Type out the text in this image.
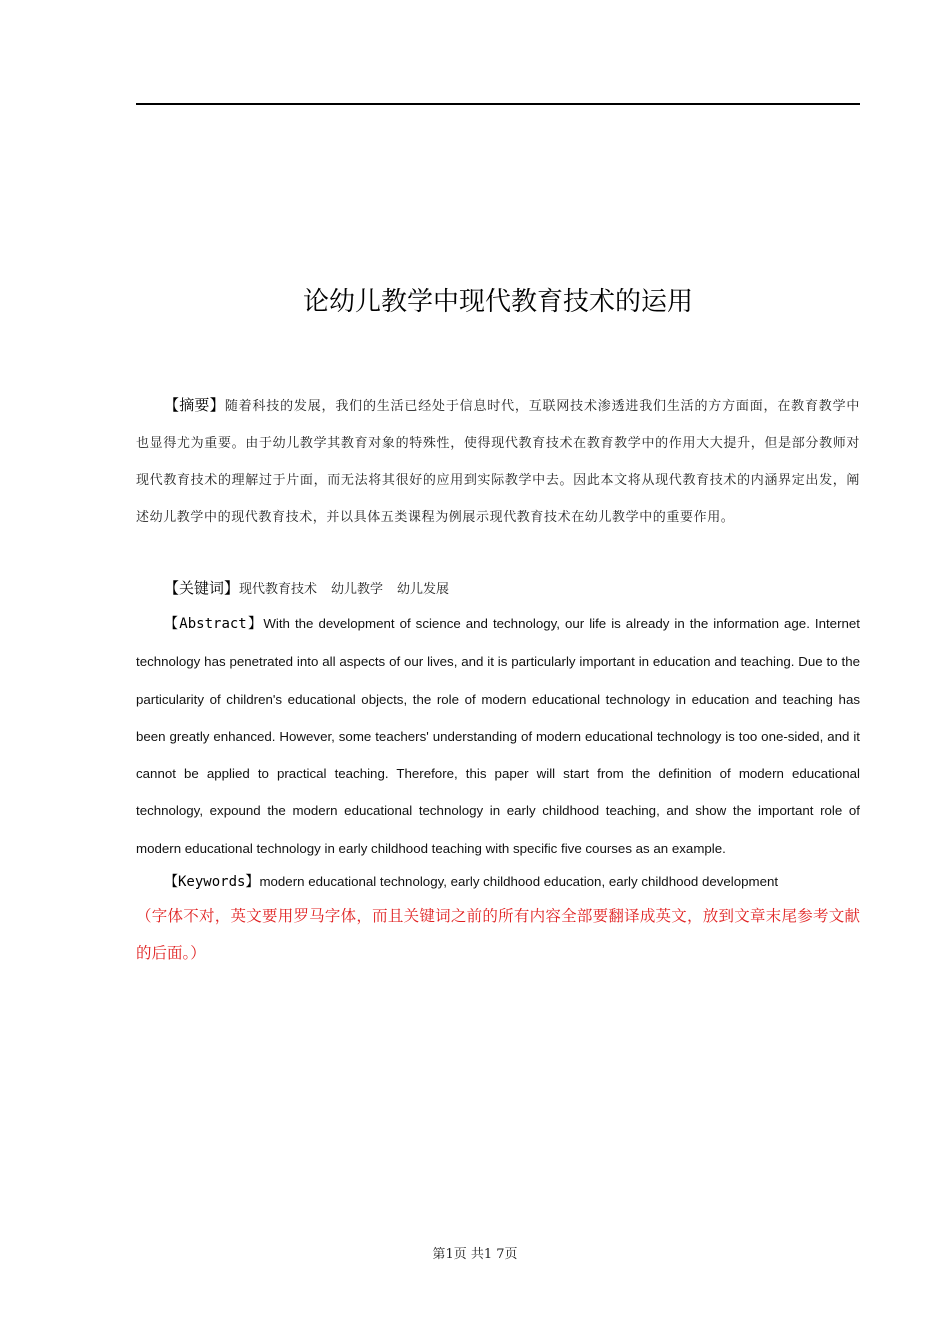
论幼儿教学中现代教育技术的运用

【摘要】随着科技的发展，我们的生活已经处于信息时代，互联网技术渗透进我们生活的方方面面，在教育教学中也显得尤为重要。由于幼儿教学其教育对象的特殊性，使得现代教育技术在教育教学中的作用大大提升，但是部分教师对现代教育技术的理解过于片面，而无法将其很好的应用到实际教学中去。因此本文将从现代教育技术的内涵界定出发，阐述幼儿教学中的现代教育技术，并以具体五类课程为例展示现代教育技术在幼儿教学中的重要作用。

【关键词】现代教育技术 幼儿教学 幼儿发展

【Abstract】With the development of science and technology, our life is already in the information age. Internet technology has penetrated into all aspects of our lives, and it is particularly important in education and teaching. Due to the particularity of children's educational objects, the role of modern educational technology in education and teaching has been greatly enhanced. However, some teachers' understanding of modern educational technology is too one-sided, and it cannot be applied to practical teaching. Therefore, this paper will start from the definition of modern educational technology, expound the modern educational technology in early childhood teaching, and show the important role of modern educational technology in early childhood teaching with specific five courses as an example.

【Keywords】modern educational technology, early childhood education, early childhood development

（字体不对，英文要用罗马字体，而且关键词之前的所有内容全部要翻译成英文，放到文章末尾参考文献的后面。）

第1页 共1 7页
